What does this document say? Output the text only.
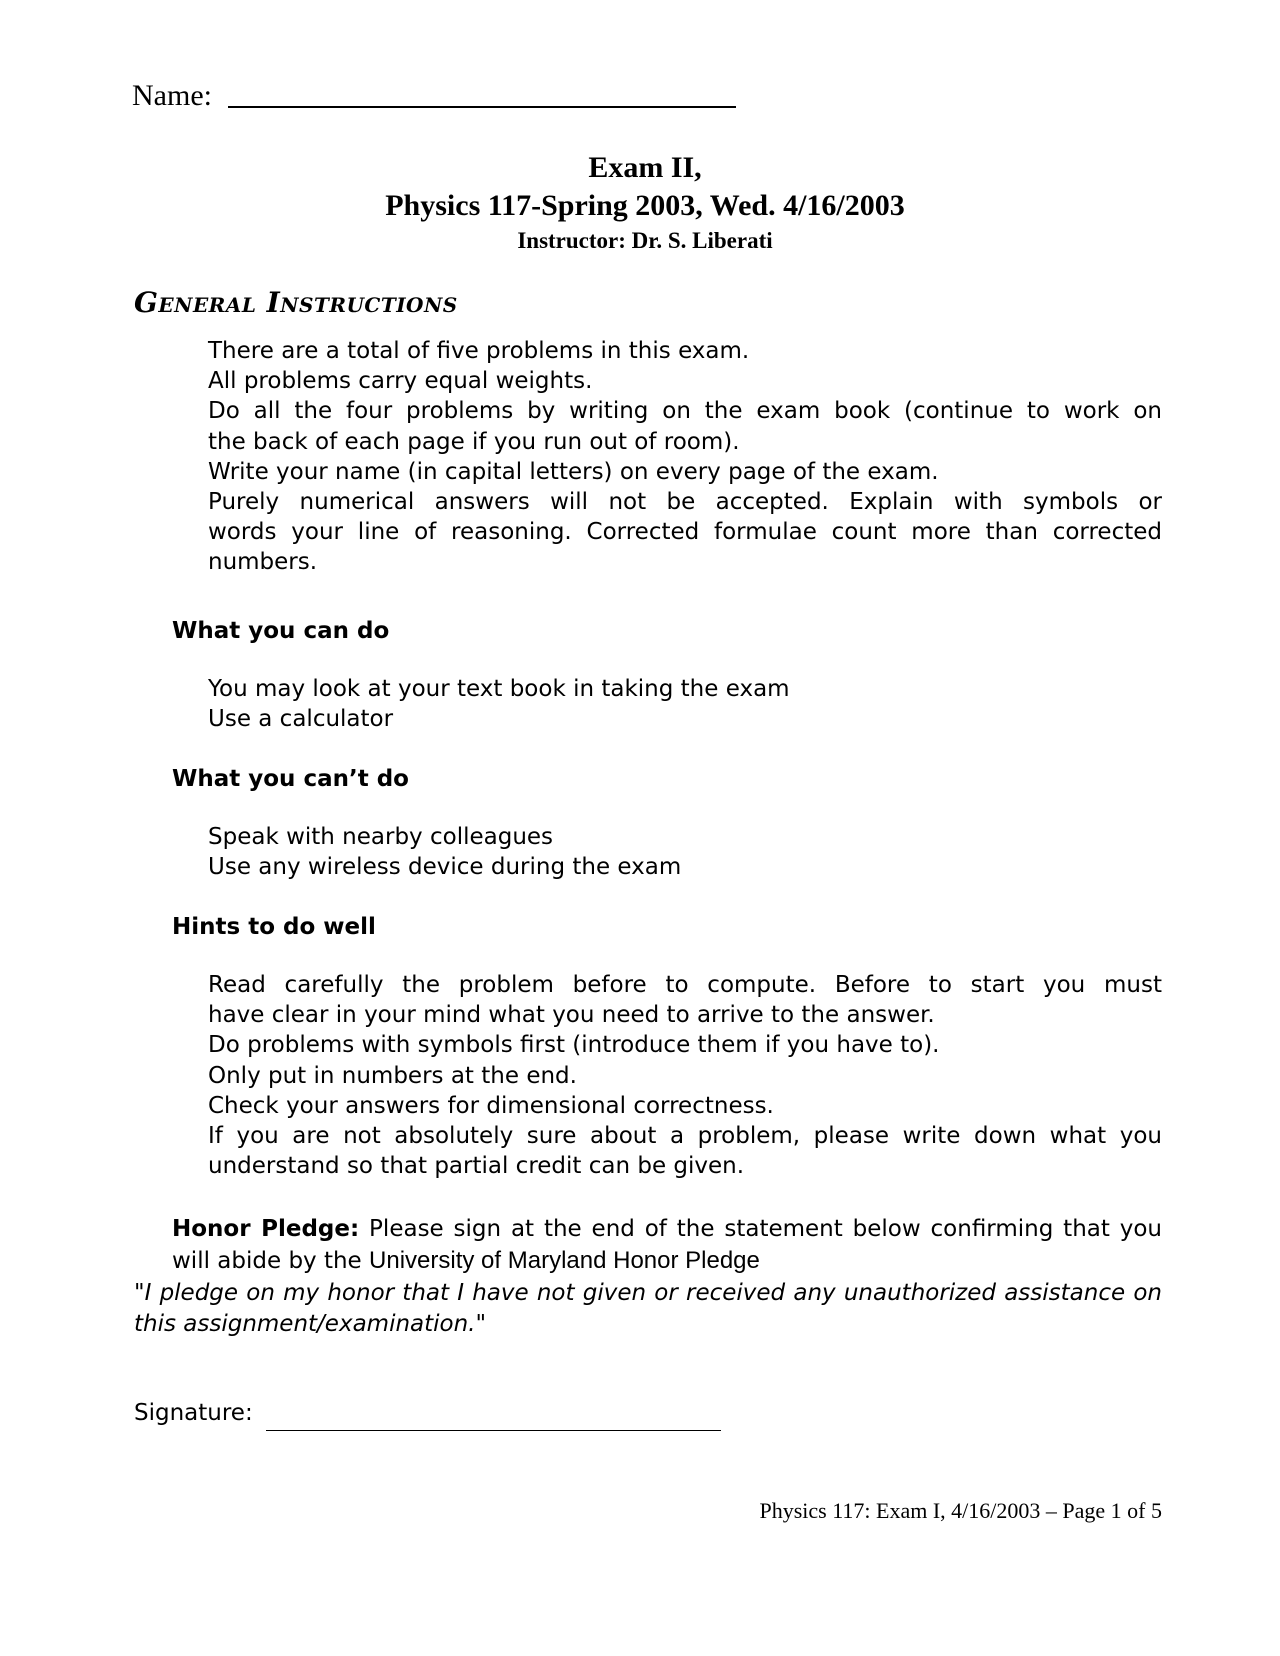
Name:
Exam II,
Physics 117-Spring 2003, Wed. 4/16/2003
Instructor: Dr. S. Liberati
General Instructions
There are a total of five problems in this exam.
All problems carry equal weights.
Do all the four problems by writing on the exam book (continue to work on
the back of each page if you run out of room).
Write your name (in capital letters) on every page of the exam.
Purely numerical answers will not be accepted. Explain with symbols or
words your line of reasoning. Corrected formulae count more than corrected
numbers.
What you can do
You may look at your text book in taking the exam
Use a calculator
What you can’t do
Speak with nearby colleagues
Use any wireless device during the exam
Hints to do well
Read carefully the problem before to compute. Before to start you must
have clear in your mind what you need to arrive to the answer.
Do problems with symbols first (introduce them if you have to).
Only put in numbers at the end.
Check your answers for dimensional correctness.
If you are not absolutely sure about a problem, please write down what you
understand so that partial credit can be given.
Honor Pledge: Please sign at the end of the statement below confirming that you will abide by the University of Maryland Honor Pledge
"I pledge on my honor that I have not given or received any unauthorized assistance on this assignment/examination."
Signature:
Physics 117: Exam I, 4/16/2003 – Page 1 of 5
